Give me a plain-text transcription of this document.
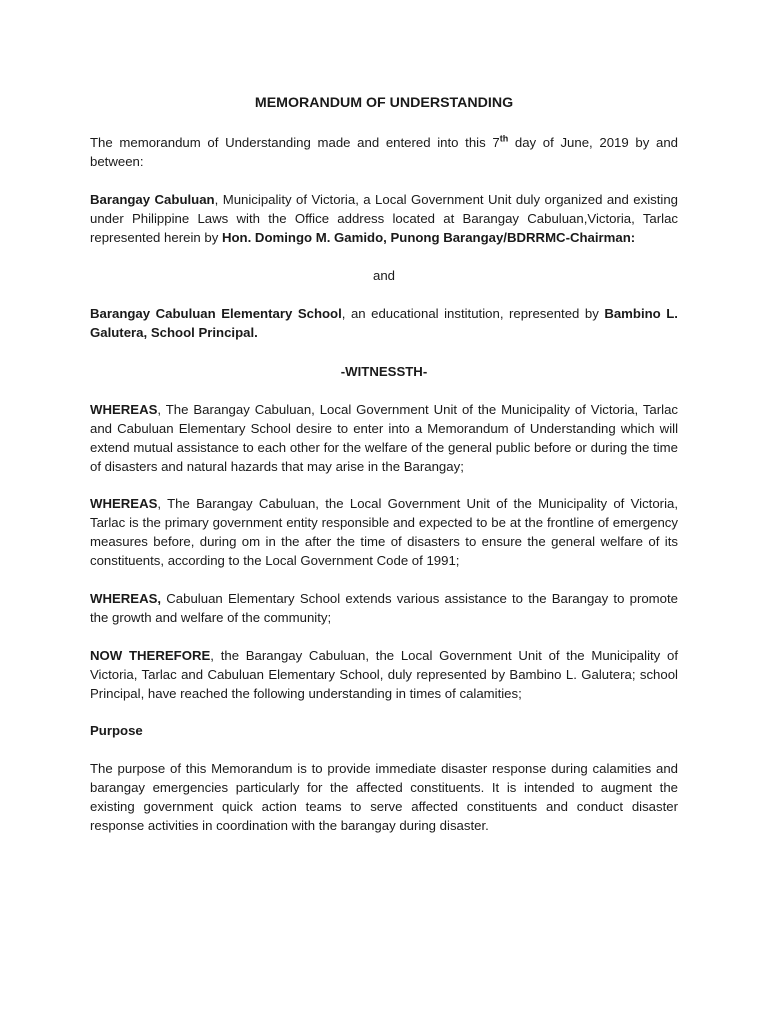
MEMORANDUM OF UNDERSTANDING

The memorandum of Understanding made and entered into this 7th day of June, 2019 by and between:

Barangay Cabuluan, Municipality of Victoria, a Local Government Unit duly organized and existing under Philippine Laws with the Office address located at Barangay Cabuluan,Victoria, Tarlac represented herein by Hon. Domingo M. Gamido, Punong Barangay/BDRRMC-Chairman:

and

Barangay Cabuluan Elementary School, an educational institution, represented by Bambino L. Galutera, School Principal.

-WITNESSTH-

WHEREAS, The Barangay Cabuluan, Local Government Unit of the Municipality of Victoria, Tarlac and Cabuluan Elementary School desire to enter into a Memorandum of Understanding which will extend mutual assistance to each other for the welfare of the general public before or during the time of disasters and natural hazards that may arise in the Barangay;

WHEREAS, The Barangay Cabuluan, the Local Government Unit of the Municipality of Victoria, Tarlac is the primary government entity responsible and expected to be at the frontline of emergency measures before, during om in the after the time of disasters to ensure the general welfare of its constituents, according to the Local Government Code of 1991;

WHEREAS, Cabuluan Elementary School extends various assistance to the Barangay to promote the growth and welfare of the community;

NOW THEREFORE, the Barangay Cabuluan, the Local Government Unit of the Municipality of Victoria, Tarlac and Cabuluan Elementary School, duly represented by Bambino L. Galutera; school Principal, have reached the following understanding in times of calamities;

Purpose

The purpose of this Memorandum is to provide immediate disaster response during calamities and barangay emergencies particularly for the affected constituents. It is intended to augment the existing government quick action teams to serve affected constituents and conduct disaster response activities in coordination with the barangay during disaster.
